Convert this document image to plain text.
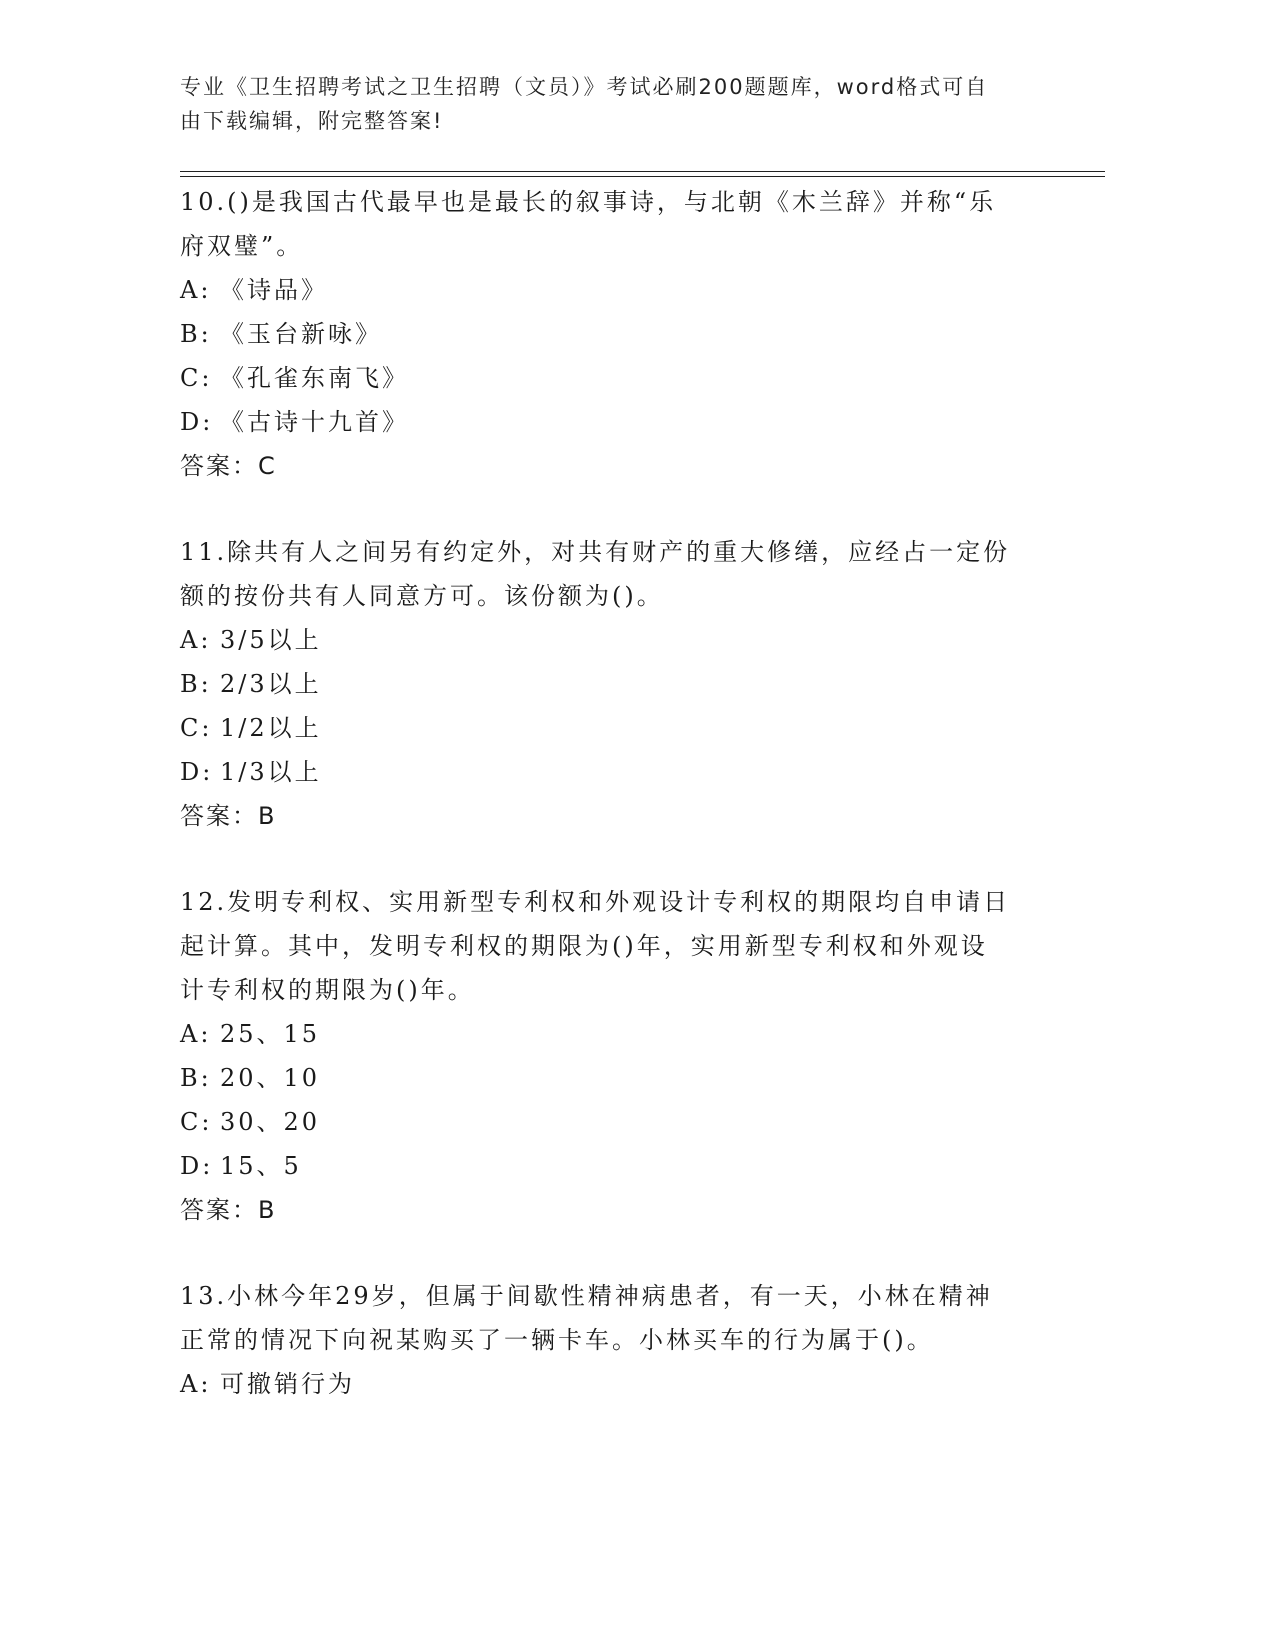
专业《卫生招聘考试之卫生招聘（文员）》考试必刷200题题库，word格式可自
由下载编辑，附完整答案!

10.()是我国古代最早也是最长的叙事诗，与北朝《木兰辞》并称“乐

府双璧”。

A: 《诗品》
B: 《玉台新咏》
C: 《孔雀东南飞》
D: 《古诗十九首》
答案：C

11.除共有人之间另有约定外，对共有财产的重大修缮，应经占一定份

额的按份共有人同意方可。该份额为()。

A: 3/5以上
B: 2/3以上
C: 1/2以上
D: 1/3以上
答案：B

12.发明专利权、实用新型专利权和外观设计专利权的期限均自申请日

起计算。其中，发明专利权的期限为()年，实用新型专利权和外观设

计专利权的期限为()年。

A: 25、15
B: 20、10
C: 30、20
D: 15、5
答案：B

13.小林今年29岁，但属于间歇性精神病患者，有一天，小林在精神

正常的情况下向祝某购买了一辆卡车。小林买车的行为属于()。

A: 可撤销行为
